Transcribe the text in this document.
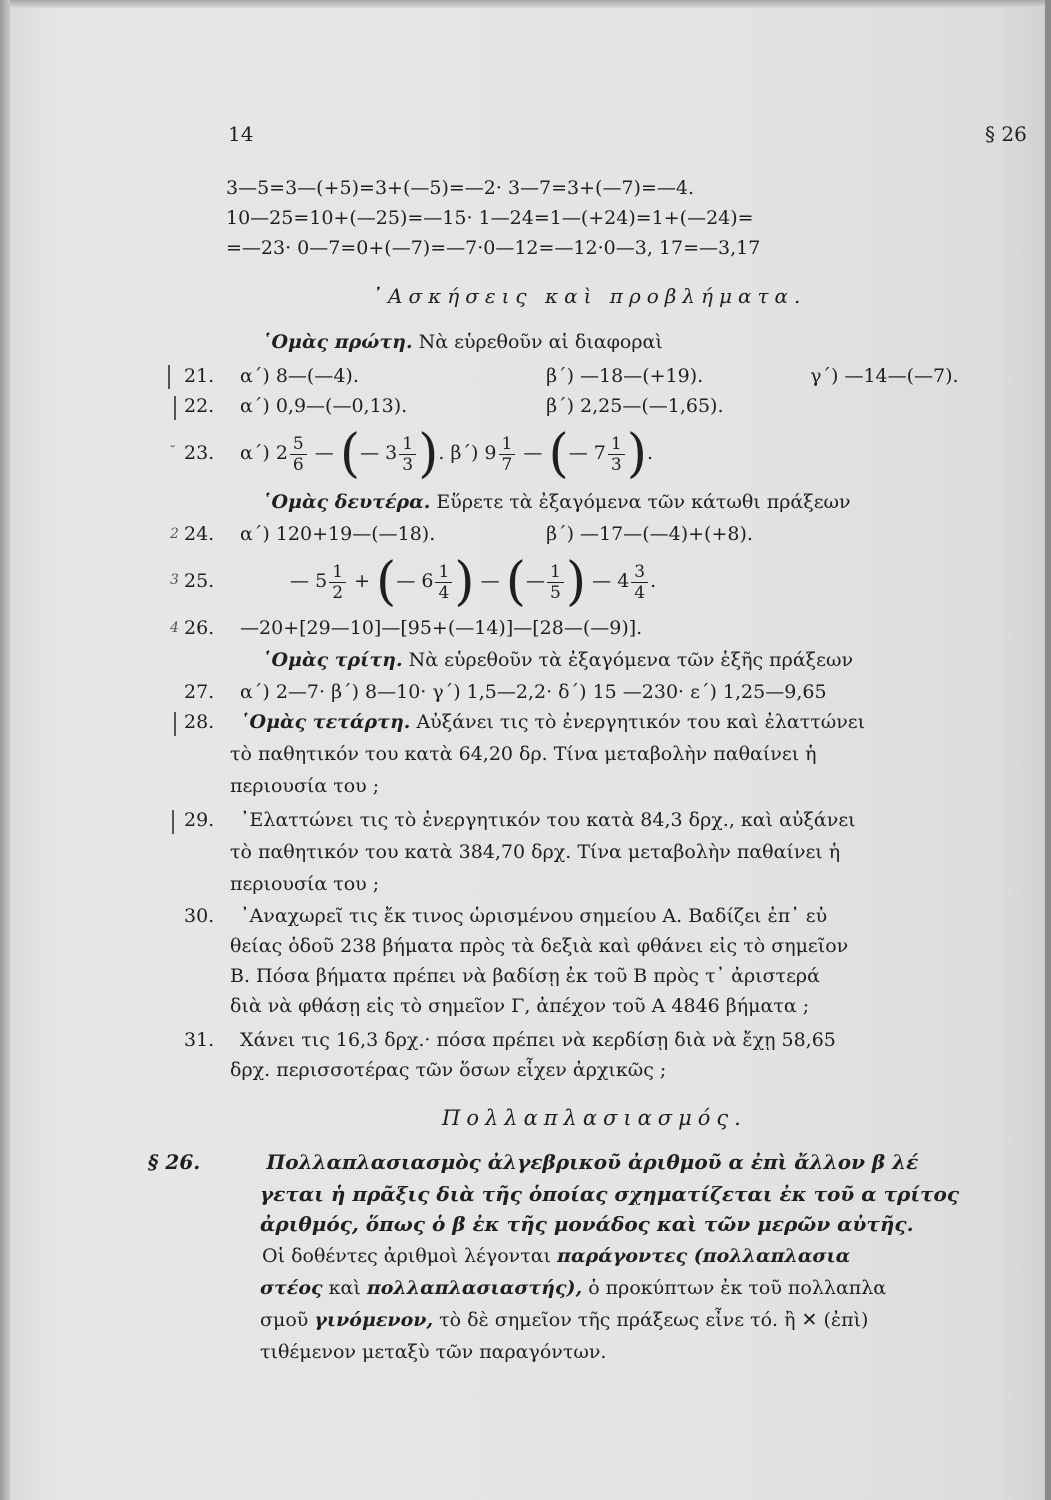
14	§ 26
3—5=3—(+5)=3+(—5)=—2· 3—7=3+(—7)=—4.
10—25=10+(—25)=—15· 1—24=1—(+24)=1+(—24)=
=—23· 0—7=0+(—7)=—7·0—12=—12·0—3, 17=—3,17
᾿Ασκήσεις καὶ προβλήματα.
῾Ομὰς πρώτη. Νὰ εὑρεθοῦν αἱ διαφοραὶ
21. α΄) 8—(—4).	β΄) —18—(+19).	γ΄) —14—(—7).
22. α΄) 0,9—(—0,13).	β΄) 2,25—(—1,65).
˘ 23. α΄) $2 \frac{5}{6}$ — (— $3 \frac{1}{3}$ ). β΄) $9 \frac{1}{7}$ — (— $7 \frac{1}{3}$ ).
῾Ομὰς δευτέρα. Εὕρετε τὰ ἐξαγόμενα τῶν κάτωθι πράξεων
2 24. α΄) 120+19—(—18).	β΄) —17—(—4)+(+8).
3 25.	— $5 \frac{1}{2}$ + (— $6 \frac{1}{4}$ ) — (— $\frac{1}{5}$ ) — $4 \frac{3}{4}$ .
4 26. —20+[29—10]—[95+(—14)]—[28—(—9)].
῾Ομὰς τρίτη. Νὰ εὑρεθοῦν τὰ ἐξαγόμενα τῶν ἑξῆς πράξεων
27. α΄) 2—7· β΄) 8—10· γ΄) 1,5—2,2· δ΄) 15 —230· ε΄) 1,25—9,65
28. ῾Ομὰς τετάρτη. Αὐξάνει τις τὸ ἐνεργητικόν του καὶ ἐλαττώνει
τὸ παθητικόν του κατὰ 64,20 δρ. Τίνα μεταβολὴν παθαίνει ἡ
περιουσία του ;
29. ᾿Ελαττώνει τις τὸ ἐνεργητικόν του κατὰ 84,3 δρχ., καὶ αὐξάνει
τὸ παθητικόν του κατὰ 384,70 δρχ. Τίνα μεταβολὴν παθαίνει ἡ
περιουσία του ;
30. ᾿Αναχωρεῖ τις ἔκ τινος ὡρισμένου σημείου Α. Βαδίζει ἐπ᾿ εὐ
θείας ὁδοῦ 238 βήματα πρὸς τὰ δεξιὰ καὶ φθάνει εἰς τὸ σημεῖον
Β. Πόσα βήματα πρέπει νὰ βαδίσῃ ἐκ τοῦ Β πρὸς τ᾿ ἀριστερά
διὰ νὰ φθάσῃ εἰς τὸ σημεῖον Γ, ἀπέχον τοῦ Α 4846 βήματα ;
31. Χάνει τις 16,3 δρχ.· πόσα πρέπει νὰ κερδίσῃ διὰ νὰ ἔχῃ 58,65
δρχ. περισσοτέρας τῶν ὅσων εἶχεν ἀρχικῶς ;
Πολλαπλασιασμός.
§ 26.	Πολλαπλασιασμὸς ἀλγεβρικοῦ ἀριθμοῦ α ἐπὶ ἄλλον β λέ
γεται ἡ πρᾶξις διὰ τῆς ὁποίας σχηματίζεται ἐκ τοῦ α τρίτος
ἀριθμός, ὅπως ὁ β ἐκ τῆς μονάδος καὶ τῶν μερῶν αὐτῆς.
Οἱ δοθέντες ἀριθμοὶ λέγονται παράγοντες (πολλαπλασια
στέος καὶ πολλαπλασιαστής), ὁ προκύπτων ἐκ τοῦ πολλαπλα
σμοῦ γινόμενον, τὸ δὲ σημεῖον τῆς πράξεως εἶνε τό. ἢ ✕ (ἐπὶ)
τιθέμενον μεταξὺ τῶν παραγόντων.
